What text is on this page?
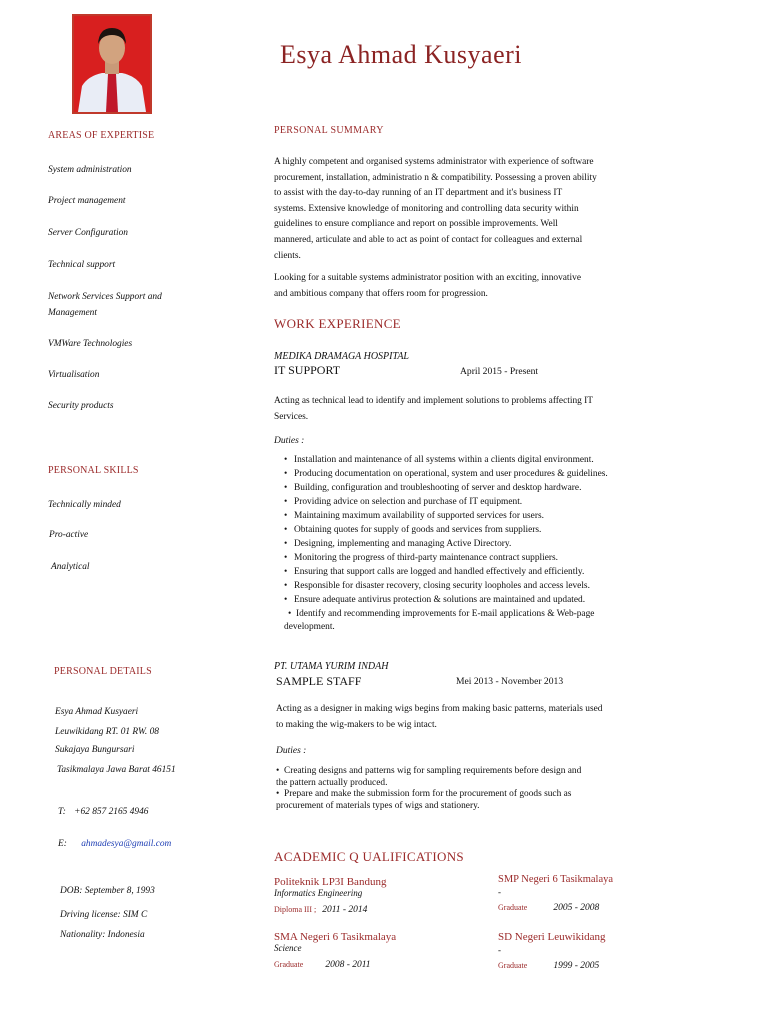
Esya Ahmad Kusyaeri
AREAS OF EXPERTISE
System administration
Project management
Server Configuration
Technical support
Network Services Support and
Management
VMWare Technologies
Virtualisation
Security products
PERSONAL SKILLS
Technically minded
Pro-active
Analytical
PERSONAL DETAILS
Esya Ahmad Kusyaeri
Leuwikidang RT. 01 RW. 08
Sukajaya Bungursari
Tasikmalaya Jawa Barat 46151
T: +62 857 2165 4946
E: ahmadesya@gmail.com
DOB: September 8, 1993
Driving license: SIM C
Nationality: Indonesia
PERSONAL SUMMARY
A highly competent and organised systems administrator with experience of software
procurement, installation, administratio n & compatibility. Possessing a proven ability
to assist with the day-to-day running of an IT department and it's business IT
systems. Extensive knowledge of monitoring and controlling data security within
guidelines to ensure compliance and report on possible improvements. Well
mannered, articulate and able to act as point of contact for colleagues and external
clients.
Looking for a suitable systems administrator position with an exciting, innovative
and ambitious company that offers room for progression.
WORK EXPERIENCE
MEDIKA DRAMAGA HOSPITAL
IT SUPPORT	April 2015 - Present
Acting as technical lead to identify and implement solutions to problems affecting IT
Services.
Duties :
• Installation and maintenance of all systems within a clients digital environment.
• Producing documentation on operational, system and user procedures & guidelines.
• Building, configuration and troubleshooting of server and desktop hardware.
• Providing advice on selection and purchase of IT equipment.
• Maintaining maximum availability of supported services for users.
• Obtaining quotes for supply of goods and services from suppliers.
• Designing, implementing and managing Active Directory.
• Monitoring the progress of third-party maintenance contract suppliers.
• Ensuring that support calls are logged and handled effectively and efficiently.
• Responsible for disaster recovery, closing security loopholes and access levels.
• Ensure adequate antivirus protection & solutions are maintained and updated.
•  Identify and recommending improvements for E-mail applications & Web-page
development.
PT. UTAMA YURIM INDAH
SAMPLE STAFF	Mei 2013 - November 2013
Acting as a designer in making wigs begins from making basic patterns, materials used
to making the wig-makers to be wig intact.
Duties :
•  Creating designs and patterns wig for sampling requirements before design and
the pattern actually produced.
•  Prepare and make the submission form for the procurement of goods such as
procurement of materials types of wigs and stationery.
ACADEMIC Q UALIFICATIONS
Politeknik LP3I Bandung
Informatics Engineering
Diploma III ; 2011 - 2014
SMP Negeri 6 Tasikmalaya
-
Graduate	2005 - 2008
SMA Negeri 6 Tasikmalaya
Science
Graduate 2008 - 2011
SD Negeri Leuwikidang
-
Graduate	1999 - 2005
